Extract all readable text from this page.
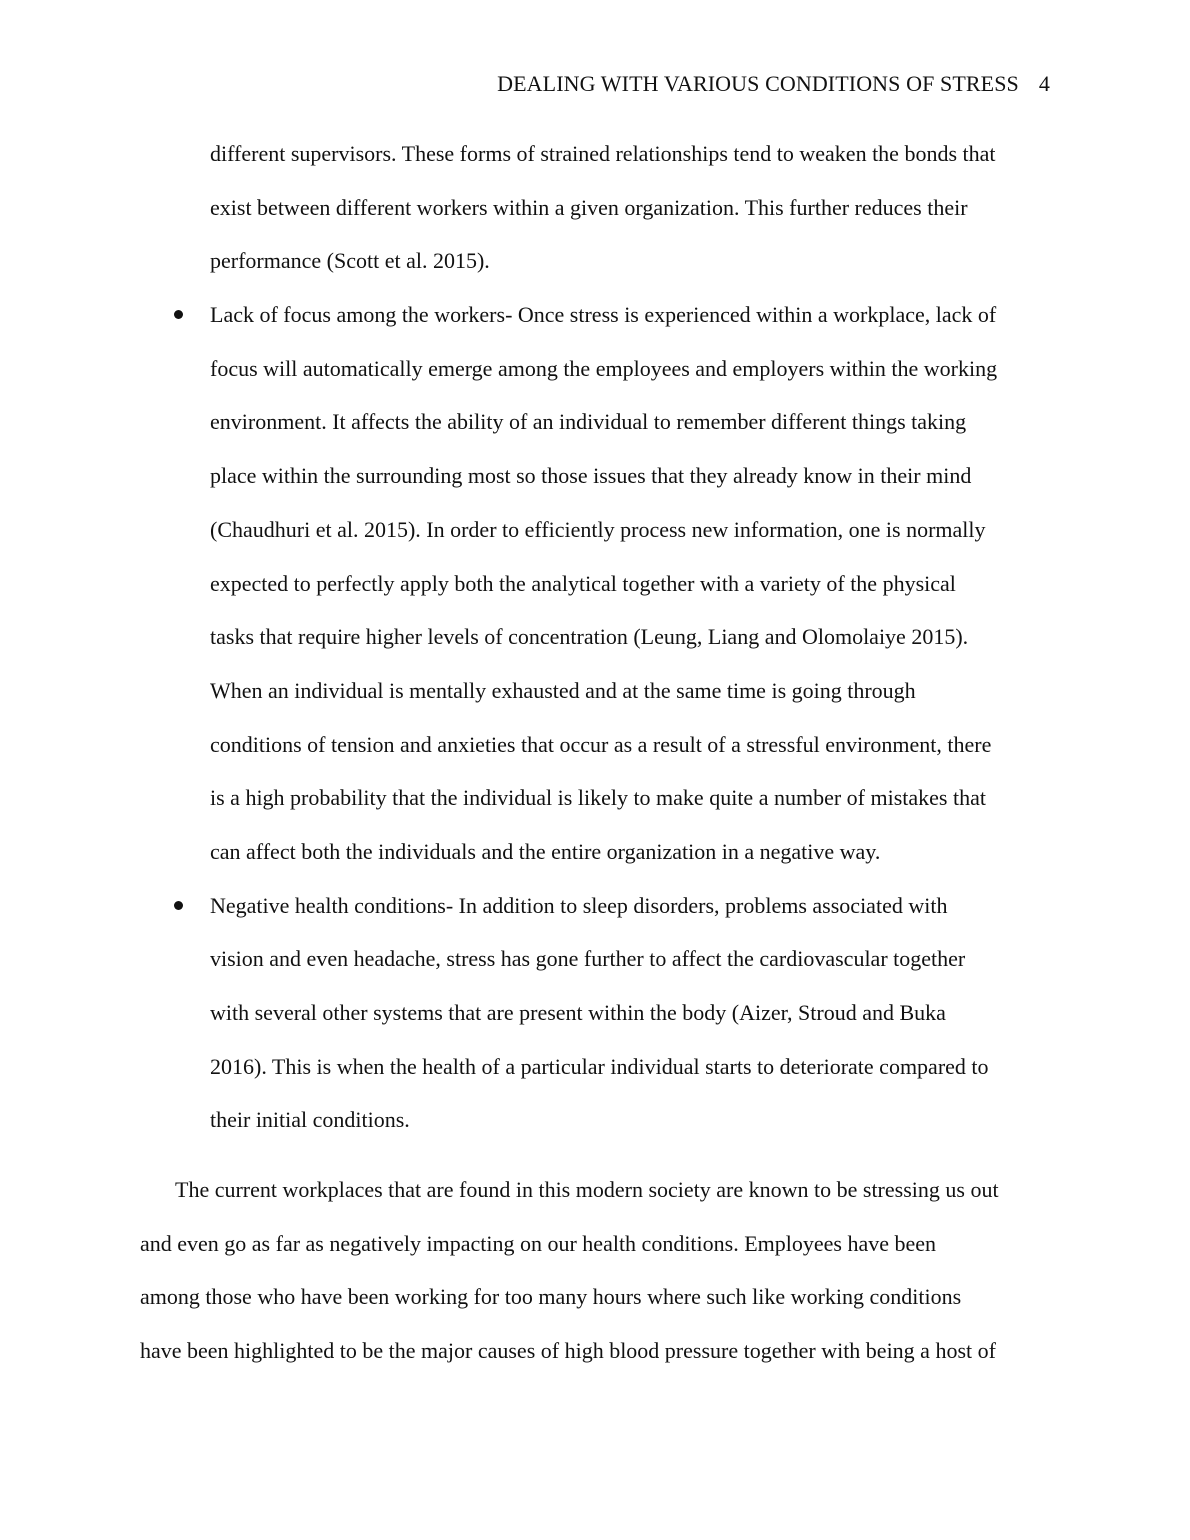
DEALING WITH VARIOUS CONDITIONS OF STRESS 4
different supervisors. These forms of strained relationships tend to weaken the bonds that
exist between different workers within a given organization. This further reduces their
performance (Scott et al. 2015).
Lack of focus among the workers- Once stress is experienced within a workplace, lack of
focus will automatically emerge among the employees and employers within the working
environment. It affects the ability of an individual to remember different things taking
place within the surrounding most so those issues that they already know in their mind
(Chaudhuri et al. 2015). In order to efficiently process new information, one is normally
expected to perfectly apply both the analytical together with a variety of the physical
tasks that require higher levels of concentration (Leung, Liang and Olomolaiye 2015).
When an individual is mentally exhausted and at the same time is going through
conditions of tension and anxieties that occur as a result of a stressful environment, there
is a high probability that the individual is likely to make quite a number of mistakes that
can affect both the individuals and the entire organization in a negative way.
Negative health conditions- In addition to sleep disorders, problems associated with
vision and even headache, stress has gone further to affect the cardiovascular together
with several other systems that are present within the body (Aizer, Stroud and Buka
2016). This is when the health of a particular individual starts to deteriorate compared to
their initial conditions.
The current workplaces that are found in this modern society are known to be stressing us out
and even go as far as negatively impacting on our health conditions. Employees have been
among those who have been working for too many hours where such like working conditions
have been highlighted to be the major causes of high blood pressure together with being a host of
